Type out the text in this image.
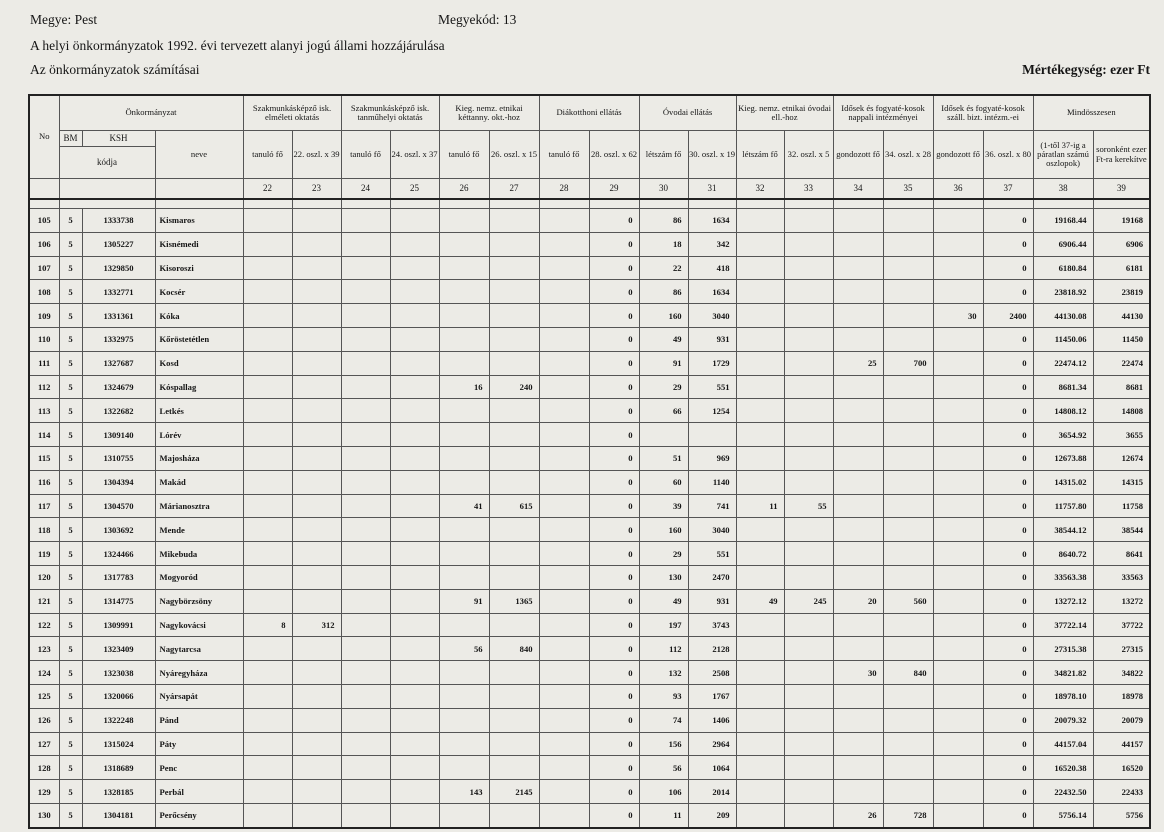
Megye: Pest	Megyekód: 13
A helyi önkormányzatok 1992. évi tervezett alanyi jogú állami hozzájárulása
Az önkormányzatok számításai	Mértékegység: ezer Ft
No	Önkormányzat		Szakmunkásképző isk. elméleti oktatás		Szakmunkásképző isk. tanműhelyi oktatás		Kieg. nemz. etnikai kéttanny. okt.-hoz		Diákotthoni ellátás		Óvodai ellátás		Kieg. nemz. etnikai óvodai ell.-hoz		Idősek és fogyaté-kosok nappali intézményei		Idősek és fogyaté-kosok száll. bizt. intézm.-ei		Mindösszesen	

BM KSH
kódja	neve	tanuló fő	22. oszl. x 39	tanuló fő	24. oszl. x 37	tanuló fő	26. oszl. x 15	tanuló fő	28. oszl. x 62	létszám fő	30. oszl. x 19	létszám fő	32. oszl. x 5	gondozott fő	34. oszl. x 28	gondozott fő	36. oszl. x 80	(1-től 37-ig a páratlan számú oszlopok)	soronként ezer Ft-ra kerekítve
			22	23	24	25	26	27	28	29	30	31	32	33	34	35	36	37	38	39

105	5 1333738	Kismaros								0	86	1634						0	19168.44	19168
106	5 1305227	Kisnémedi								0	18	342						0	6906.44	6906
107	5 1329850	Kisoroszi								0	22	418						0	6180.84	6181
108	5 1332771	Kocsér								0	86	1634						0	23818.92	23819
109	5 1331361	Kóka								0	160	3040					30	2400	44130.08	44130
110	5 1332975	Kőröstetétlen								0	49	931						0	11450.06	11450
111	5 1327687	Kosd								0	91	1729			25	700		0	22474.12	22474
112	5 1324679	Kóspallag					16	240		0	29	551						0	8681.34	8681
113	5 1322682	Letkés								0	66	1254						0	14808.12	14808
114	5 1309140	Lórév								0								0	3654.92	3655
115	5 1310755	Majosháza								0	51	969						0	12673.88	12674
116	5 1304394	Makád								0	60	1140						0	14315.02	14315
117	5 1304570	Márianosztra					41	615		0	39	741	11	55				0	11757.80	11758
118	5 1303692	Mende								0	160	3040						0	38544.12	38544
119	5 1324466	Mikebuda								0	29	551						0	8640.72	8641
120	5 1317783	Mogyoród								0	130	2470						0	33563.38	33563
121	5 1314775	Nagybörzsöny					91	1365		0	49	931	49	245	20	560		0	13272.12	13272
122	5 1309991	Nagykovácsi	8	312						0	197	3743						0	37722.14	37722
123	5 1323409	Nagytarcsa					56	840		0	112	2128						0	27315.38	27315
124	5 1323038	Nyáregyháza								0	132	2508			30	840		0	34821.82	34822
125	5 1320066	Nyársapát								0	93	1767						0	18978.10	18978
126	5 1322248	Pánd								0	74	1406						0	20079.32	20079
127	5 1315024	Páty								0	156	2964						0	44157.04	44157
128	5 1318689	Penc								0	56	1064						0	16520.38	16520
129	5 1328185	Perbál					143	2145		0	106	2014						0	22432.50	22433
130	5 1304181	Perőcsény								0	11	209			26	728		0	5756.14	5756
